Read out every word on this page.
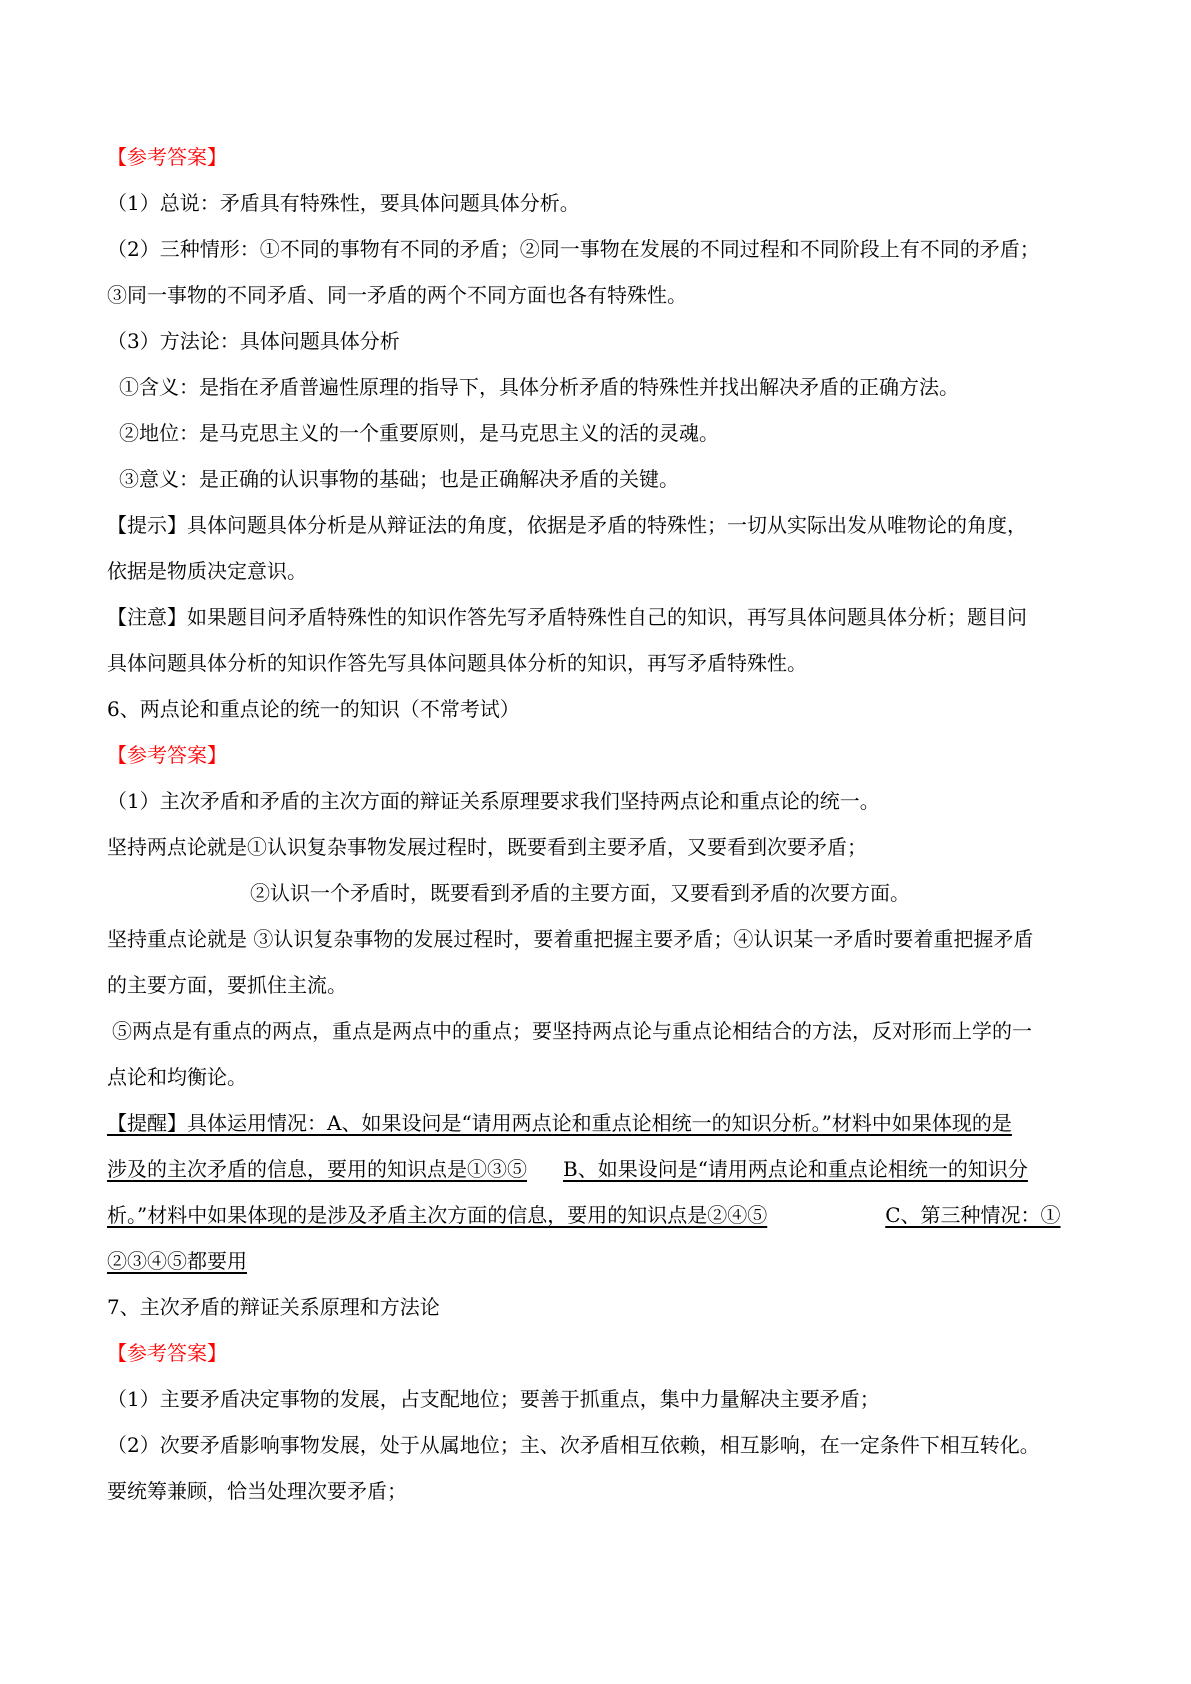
【参考答案】
（1）总说：矛盾具有特殊性，要具体问题具体分析。
（2）三种情形：①不同的事物有不同的矛盾；②同一事物在发展的不同过程和不同阶段上有不同的矛盾；
③同一事物的不同矛盾、同一矛盾的两个不同方面也各有特殊性。
（3）方法论：具体问题具体分析
①含义：是指在矛盾普遍性原理的指导下，具体分析矛盾的特殊性并找出解决矛盾的正确方法。
②地位：是马克思主义的一个重要原则，是马克思主义的活的灵魂。
③意义：是正确的认识事物的基础；也是正确解决矛盾的关键。
【提示】具体问题具体分析是从辩证法的角度，依据是矛盾的特殊性；一切从实际出发从唯物论的角度，
依据是物质决定意识。
【注意】如果题目问矛盾特殊性的知识作答先写矛盾特殊性自己的知识，再写具体问题具体分析；题目问
具体问题具体分析的知识作答先写具体问题具体分析的知识，再写矛盾特殊性。
6、两点论和重点论的统一的知识（不常考试）
【参考答案】
（1）主次矛盾和矛盾的主次方面的辩证关系原理要求我们坚持两点论和重点论的统一。
坚持两点论就是①认识复杂事物发展过程时，既要看到主要矛盾，又要看到次要矛盾；
②认识一个矛盾时，既要看到矛盾的主要方面，又要看到矛盾的次要方面。
坚持重点论就是 ③认识复杂事物的发展过程时，要着重把握主要矛盾；④认识某一矛盾时要着重把握矛盾
的主要方面，要抓住主流。
⑤两点是有重点的两点，重点是两点中的重点；要坚持两点论与重点论相结合的方法，反对形而上学的一
点论和均衡论。
【提醒】具体运用情况：A、如果设问是“请用两点论和重点论相统一的知识分析。”材料中如果体现的是
涉及的主次矛盾的信息，要用的知识点是①③⑤ B、如果设问是“请用两点论和重点论相统一的知识分
析。”材料中如果体现的是涉及矛盾主次方面的信息，要用的知识点是②④⑤	C、第三种情况：①
②③④⑤都要用
7、主次矛盾的辩证关系原理和方法论
【参考答案】
（1）主要矛盾决定事物的发展，占支配地位；要善于抓重点，集中力量解决主要矛盾；
（2）次要矛盾影响事物发展，处于从属地位；主、次矛盾相互依赖，相互影响，在一定条件下相互转化。
要统筹兼顾，恰当处理次要矛盾；
